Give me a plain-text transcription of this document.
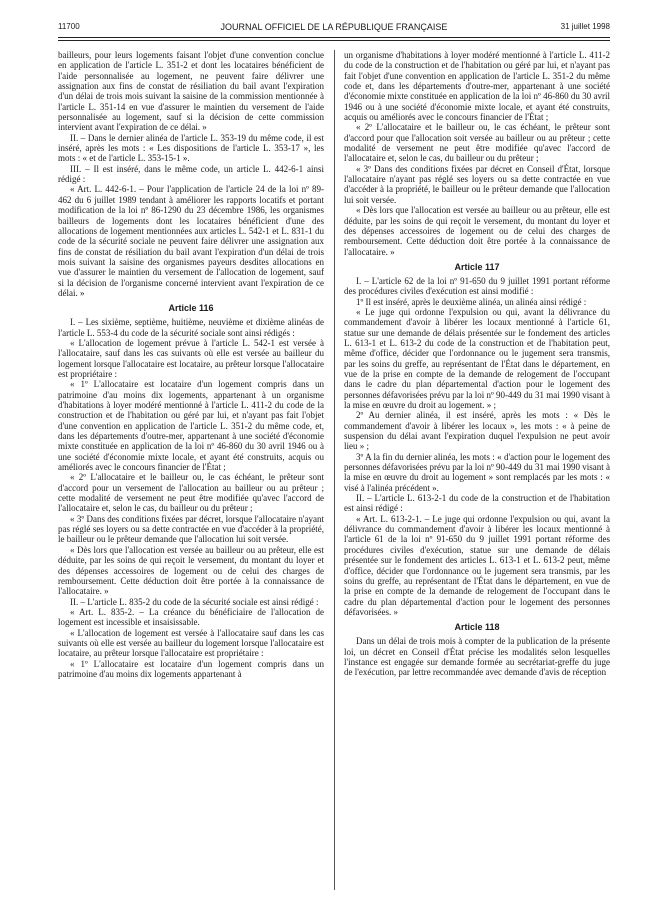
11700	JOURNAL OFFICIEL DE LA RÉPUBLIQUE FRANÇAISE	31 juillet 1998

bailleurs, pour leurs logements faisant l'objet d'une convention conclue en application de l'article L. 351-2 et dont les locataires bénéficient de l'aide personnalisée au logement, ne peuvent faire délivrer une assignation aux fins de constat de résiliation du bail avant l'expiration d'un délai de trois mois suivant la saisine de la commission mentionnée à l'article L. 351-14 en vue d'assurer le maintien du versement de l'aide personnalisée au logement, sauf si la décision de cette commission intervient avant l'expiration de ce délai. »

II. – Dans le dernier alinéa de l'article L. 353-19 du même code, il est inséré, après les mots : « Les dispositions de l'article L. 353-17 », les mots : « et de l'article L. 353-15-1 ».

III. – Il est inséré, dans le même code, un article L. 442-6-1 ainsi rédigé :

« Art. L. 442-6-1. – Pour l'application de l'article 24 de la loi nº 89-462 du 6 juillet 1989 tendant à améliorer les rapports locatifs et portant modification de la loi nº 86-1290 du 23 décembre 1986, les organismes bailleurs de logements dont les locataires bénéficient d'une des allocations de logement mentionnées aux articles L. 542-1 et L. 831-1 du code de la sécurité sociale ne peuvent faire délivrer une assignation aux fins de constat de résiliation du bail avant l'expiration d'un délai de trois mois suivant la saisine des organismes payeurs desdites allocations en vue d'assurer le maintien du versement de l'allocation de logement, sauf si la décision de l'organisme concerné intervient avant l'expiration de ce délai. »

Article 116

I. – Les sixième, septième, huitième, neuvième et dixième alinéas de l'article L. 553-4 du code de la sécurité sociale sont ainsi rédigés :

« L'allocation de logement prévue à l'article L. 542-1 est versée à l'allocataire, sauf dans les cas suivants où elle est versée au bailleur du logement lorsque l'allocataire est locataire, au prêteur lorsque l'allocataire est propriétaire :

« 1º L'allocataire est locataire d'un logement compris dans un patrimoine d'au moins dix logements, appartenant à un organisme d'habitations à loyer modéré mentionné à l'article L. 411-2 du code de la construction et de l'habitation ou géré par lui, et n'ayant pas fait l'objet d'une convention en application de l'article L. 351-2 du même code, et, dans les départements d'outre-mer, appartenant à une société d'économie mixte constituée en application de la loi nº 46-860 du 30 avril 1946 ou à une société d'économie mixte locale, et ayant été construits, acquis ou améliorés avec le concours financier de l'État ;

« 2º L'allocataire et le bailleur ou, le cas échéant, le prêteur sont d'accord pour un versement de l'allocation au bailleur ou au prêteur ; cette modalité de versement ne peut être modifiée qu'avec l'accord de l'allocataire et, selon le cas, du bailleur ou du prêteur ;

« 3º Dans des conditions fixées par décret, lorsque l'allocataire n'ayant pas réglé ses loyers ou sa dette contractée en vue d'accéder à la propriété, le bailleur ou le prêteur demande que l'allocation lui soit versée.

« Dès lors que l'allocation est versée au bailleur ou au prêteur, elle est déduite, par les soins de qui reçoit le versement, du montant du loyer et des dépenses accessoires de logement ou de celui des charges de remboursement. Cette déduction doit être portée à la connaissance de l'allocataire. »

II. – L'article L. 835-2 du code de la sécurité sociale est ainsi rédigé :

« Art. L. 835-2. – La créance du bénéficiaire de l'allocation de logement est incessible et insaisissable.

« L'allocation de logement est versée à l'allocataire sauf dans les cas suivants où elle est versée au bailleur du logement lorsque l'allocataire est locataire, au prêteur lorsque l'allocataire est propriétaire :

« 1º L'allocataire est locataire d'un logement compris dans un patrimoine d'au moins dix logements appartenant à

un organisme d'habitations à loyer modéré mentionné à l'article L. 411-2 du code de la construction et de l'habitation ou géré par lui, et n'ayant pas fait l'objet d'une convention en application de l'article L. 351-2 du même code et, dans les départements d'outre-mer, appartenant à une société d'économie mixte constituée en application de la loi nº 46-860 du 30 avril 1946 ou à une société d'économie mixte locale, et ayant été construits, acquis ou améliorés avec le concours financier de l'État ;

« 2º L'allocataire et le bailleur ou, le cas échéant, le prêteur sont d'accord pour que l'allocation soit versée au bailleur ou au prêteur ; cette modalité de versement ne peut être modifiée qu'avec l'accord de l'allocataire et, selon le cas, du bailleur ou du prêteur ;

« 3º Dans des conditions fixées par décret en Conseil d'État, lorsque l'allocataire n'ayant pas réglé ses loyers ou sa dette contractée en vue d'accéder à la propriété, le bailleur ou le prêteur demande que l'allocation lui soit versée.

« Dès lors que l'allocation est versée au bailleur ou au prêteur, elle est déduite, par les soins de qui reçoit le versement, du montant du loyer et des dépenses accessoires de logement ou de celui des charges de remboursement. Cette déduction doit être portée à la connaissance de l'allocataire. »

Article 117

I. – L'article 62 de la loi nº 91-650 du 9 juillet 1991 portant réforme des procédures civiles d'exécution est ainsi modifié :

1º Il est inséré, après le deuxième alinéa, un alinéa ainsi rédigé :

« Le juge qui ordonne l'expulsion ou qui, avant la délivrance du commandement d'avoir à libérer les locaux mentionné à l'article 61, statue sur une demande de délais présentée sur le fondement des articles L. 613-1 et L. 613-2 du code de la construction et de l'habitation peut, même d'office, décider que l'ordonnance ou le jugement sera transmis, par les soins du greffe, au représentant de l'État dans le département, en vue de la prise en compte de la demande de relogement de l'occupant dans le cadre du plan départemental d'action pour le logement des personnes défavorisées prévu par la loi nº 90-449 du 31 mai 1990 visant à la mise en œuvre du droit au logement. » ;

2º Au dernier alinéa, il est inséré, après les mots : « Dès le commandement d'avoir à libérer les locaux », les mots : « à peine de suspension du délai avant l'expiration duquel l'expulsion ne peut avoir lieu » ;

3º A la fin du dernier alinéa, les mots : « d'action pour le logement des personnes défavorisées prévu par la loi nº 90-449 du 31 mai 1990 visant à la mise en œuvre du droit au logement » sont remplacés par les mots : « visé à l'alinéa précédent ».

II. – L'article L. 613-2-1 du code de la construction et de l'habitation est ainsi rédigé :

« Art. L. 613-2-1. – Le juge qui ordonne l'expulsion ou qui, avant la délivrance du commandement d'avoir à libérer les locaux mentionné à l'article 61 de la loi nº 91-650 du 9 juillet 1991 portant réforme des procédures civiles d'exécution, statue sur une demande de délais présentée sur le fondement des articles L. 613-1 et L. 613-2 peut, même d'office, décider que l'ordonnance ou le jugement sera transmis, par les soins du greffe, au représentant de l'État dans le département, en vue de la prise en compte de la demande de relogement de l'occupant dans le cadre du plan départemental d'action pour le logement des personnes défavorisées. »

Article 118

Dans un délai de trois mois à compter de la publication de la présente loi, un décret en Conseil d'État précise les modalités selon lesquelles l'instance est engagée sur demande formée au secrétariat-greffe du juge de l'exécution, par lettre recommandée avec demande d'avis de réception
